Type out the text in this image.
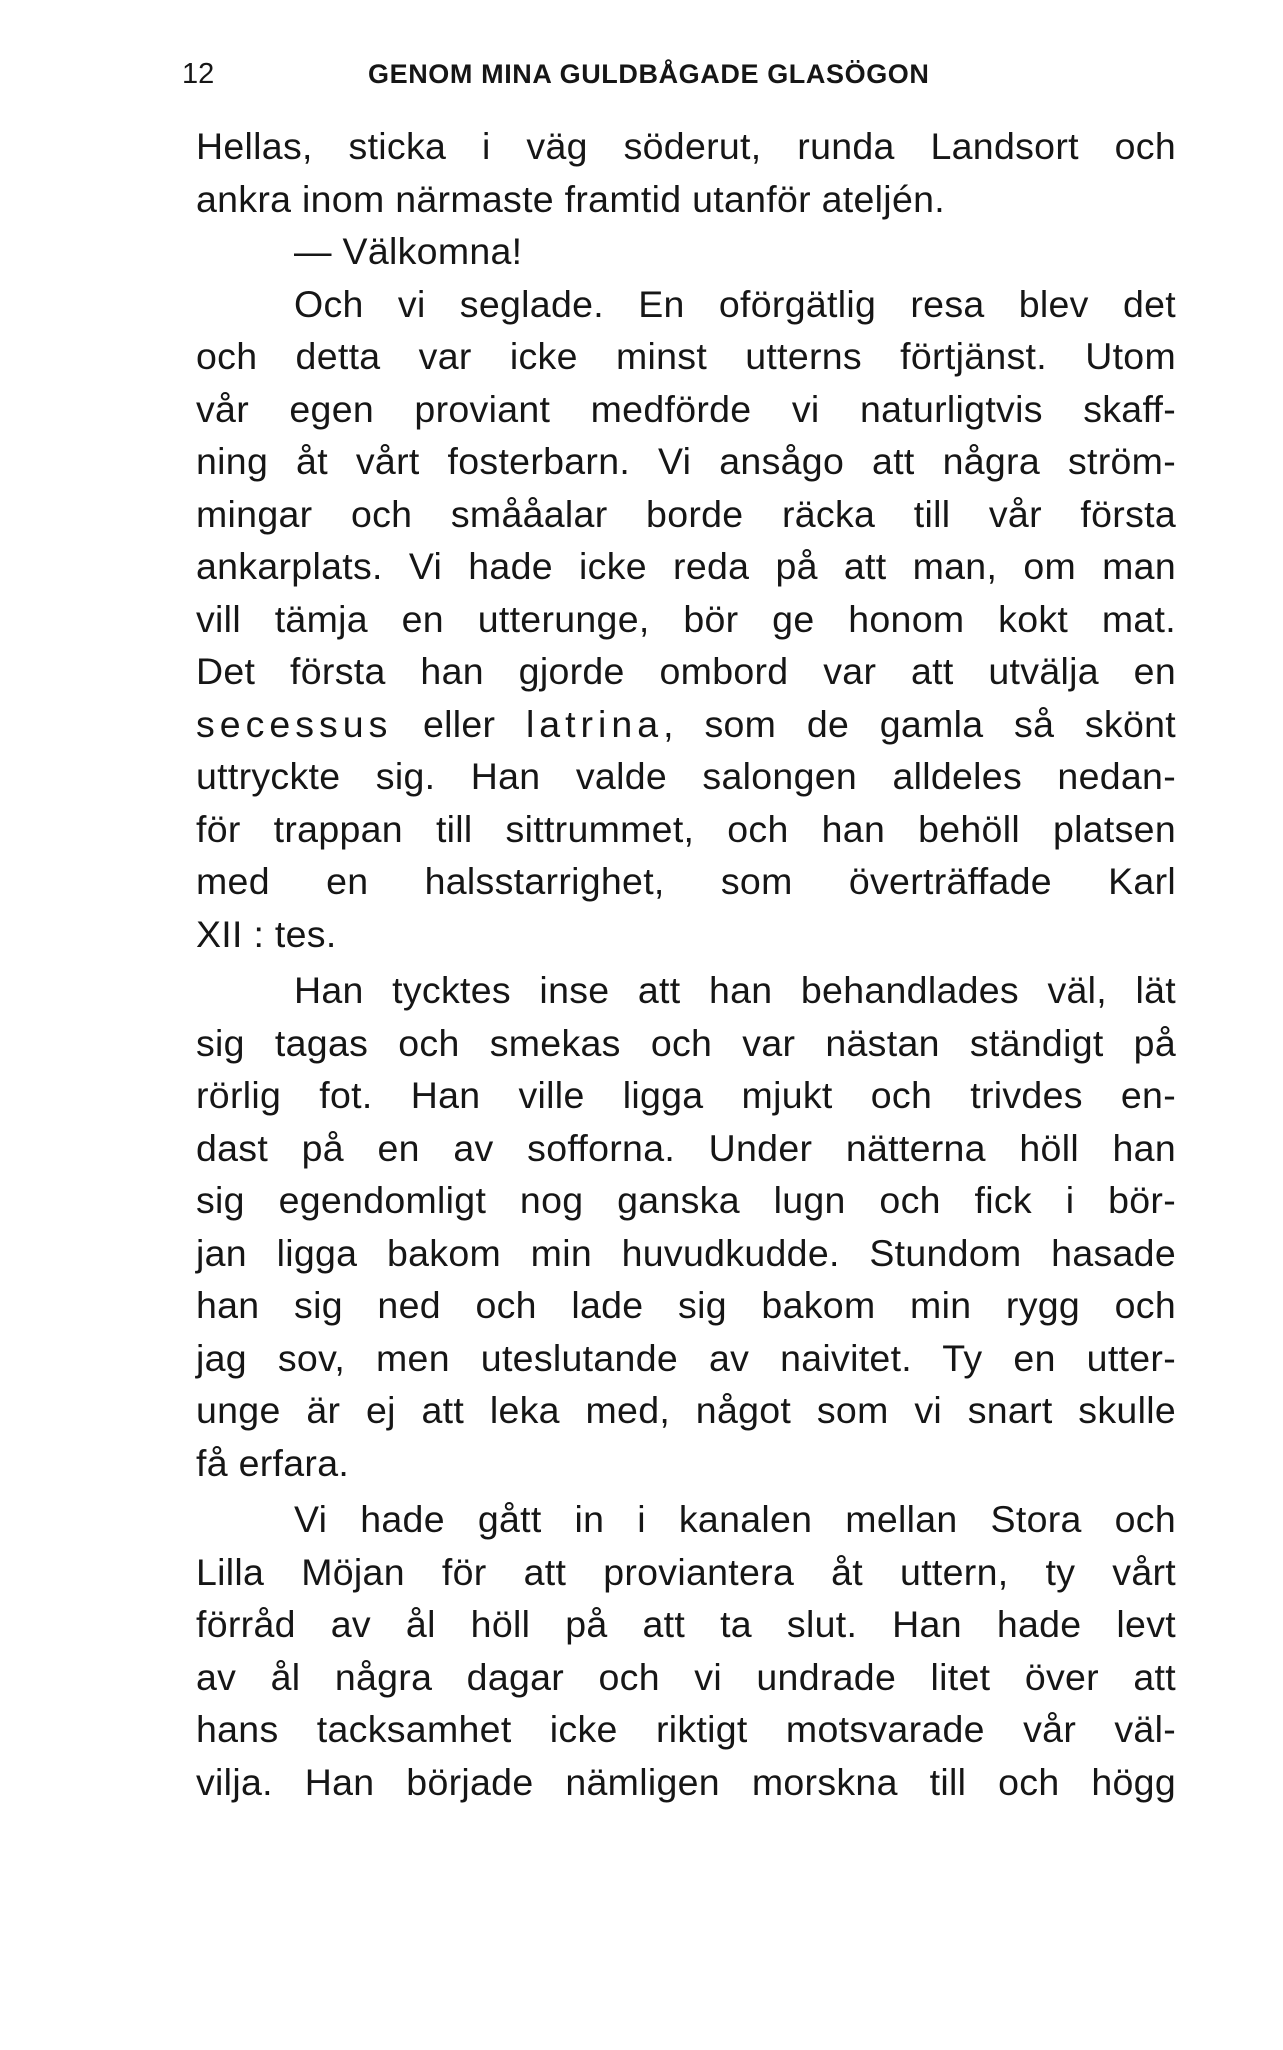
12	GENOM MINA GULDBÅGADE GLASÖGON
Hellas, sticka i väg söderut, runda Landsort och
ankra inom närmaste framtid utanför ateljén.
— Välkomna!
Och vi seglade. En oförgätlig resa blev det
och detta var icke minst utterns förtjänst. Utom
vår egen proviant medförde vi naturligtvis skaff-
ning åt vårt fosterbarn. Vi ansågo att några ström-
mingar och smååalar borde räcka till vår första
ankarplats. Vi hade icke reda på att man, om man
vill tämja en utterunge, bör ge honom kokt mat.
Det första han gjorde ombord var att utvälja en
secessus eller latrina, som de gamla så skönt
uttryckte sig. Han valde salongen alldeles nedan-
för trappan till sittrummet, och han behöll platsen
med en halsstarrighet, som överträffade Karl
XII : tes.
Han tycktes inse att han behandlades väl, lät
sig tagas och smekas och var nästan ständigt på
rörlig fot. Han ville ligga mjukt och trivdes en-
dast på en av sofforna. Under nätterna höll han
sig egendomligt nog ganska lugn och fick i bör-
jan ligga bakom min huvudkudde. Stundom hasade
han sig ned och lade sig bakom min rygg och
jag sov, men uteslutande av naivitet. Ty en utter-
unge är ej att leka med, något som vi snart skulle
få erfara.
Vi hade gått in i kanalen mellan Stora och
Lilla Möjan för att proviantera åt uttern, ty vårt
förråd av ål höll på att ta slut. Han hade levt
av ål några dagar och vi undrade litet över att
hans tacksamhet icke riktigt motsvarade vår väl-
vilja. Han började nämligen morskna till och högg
